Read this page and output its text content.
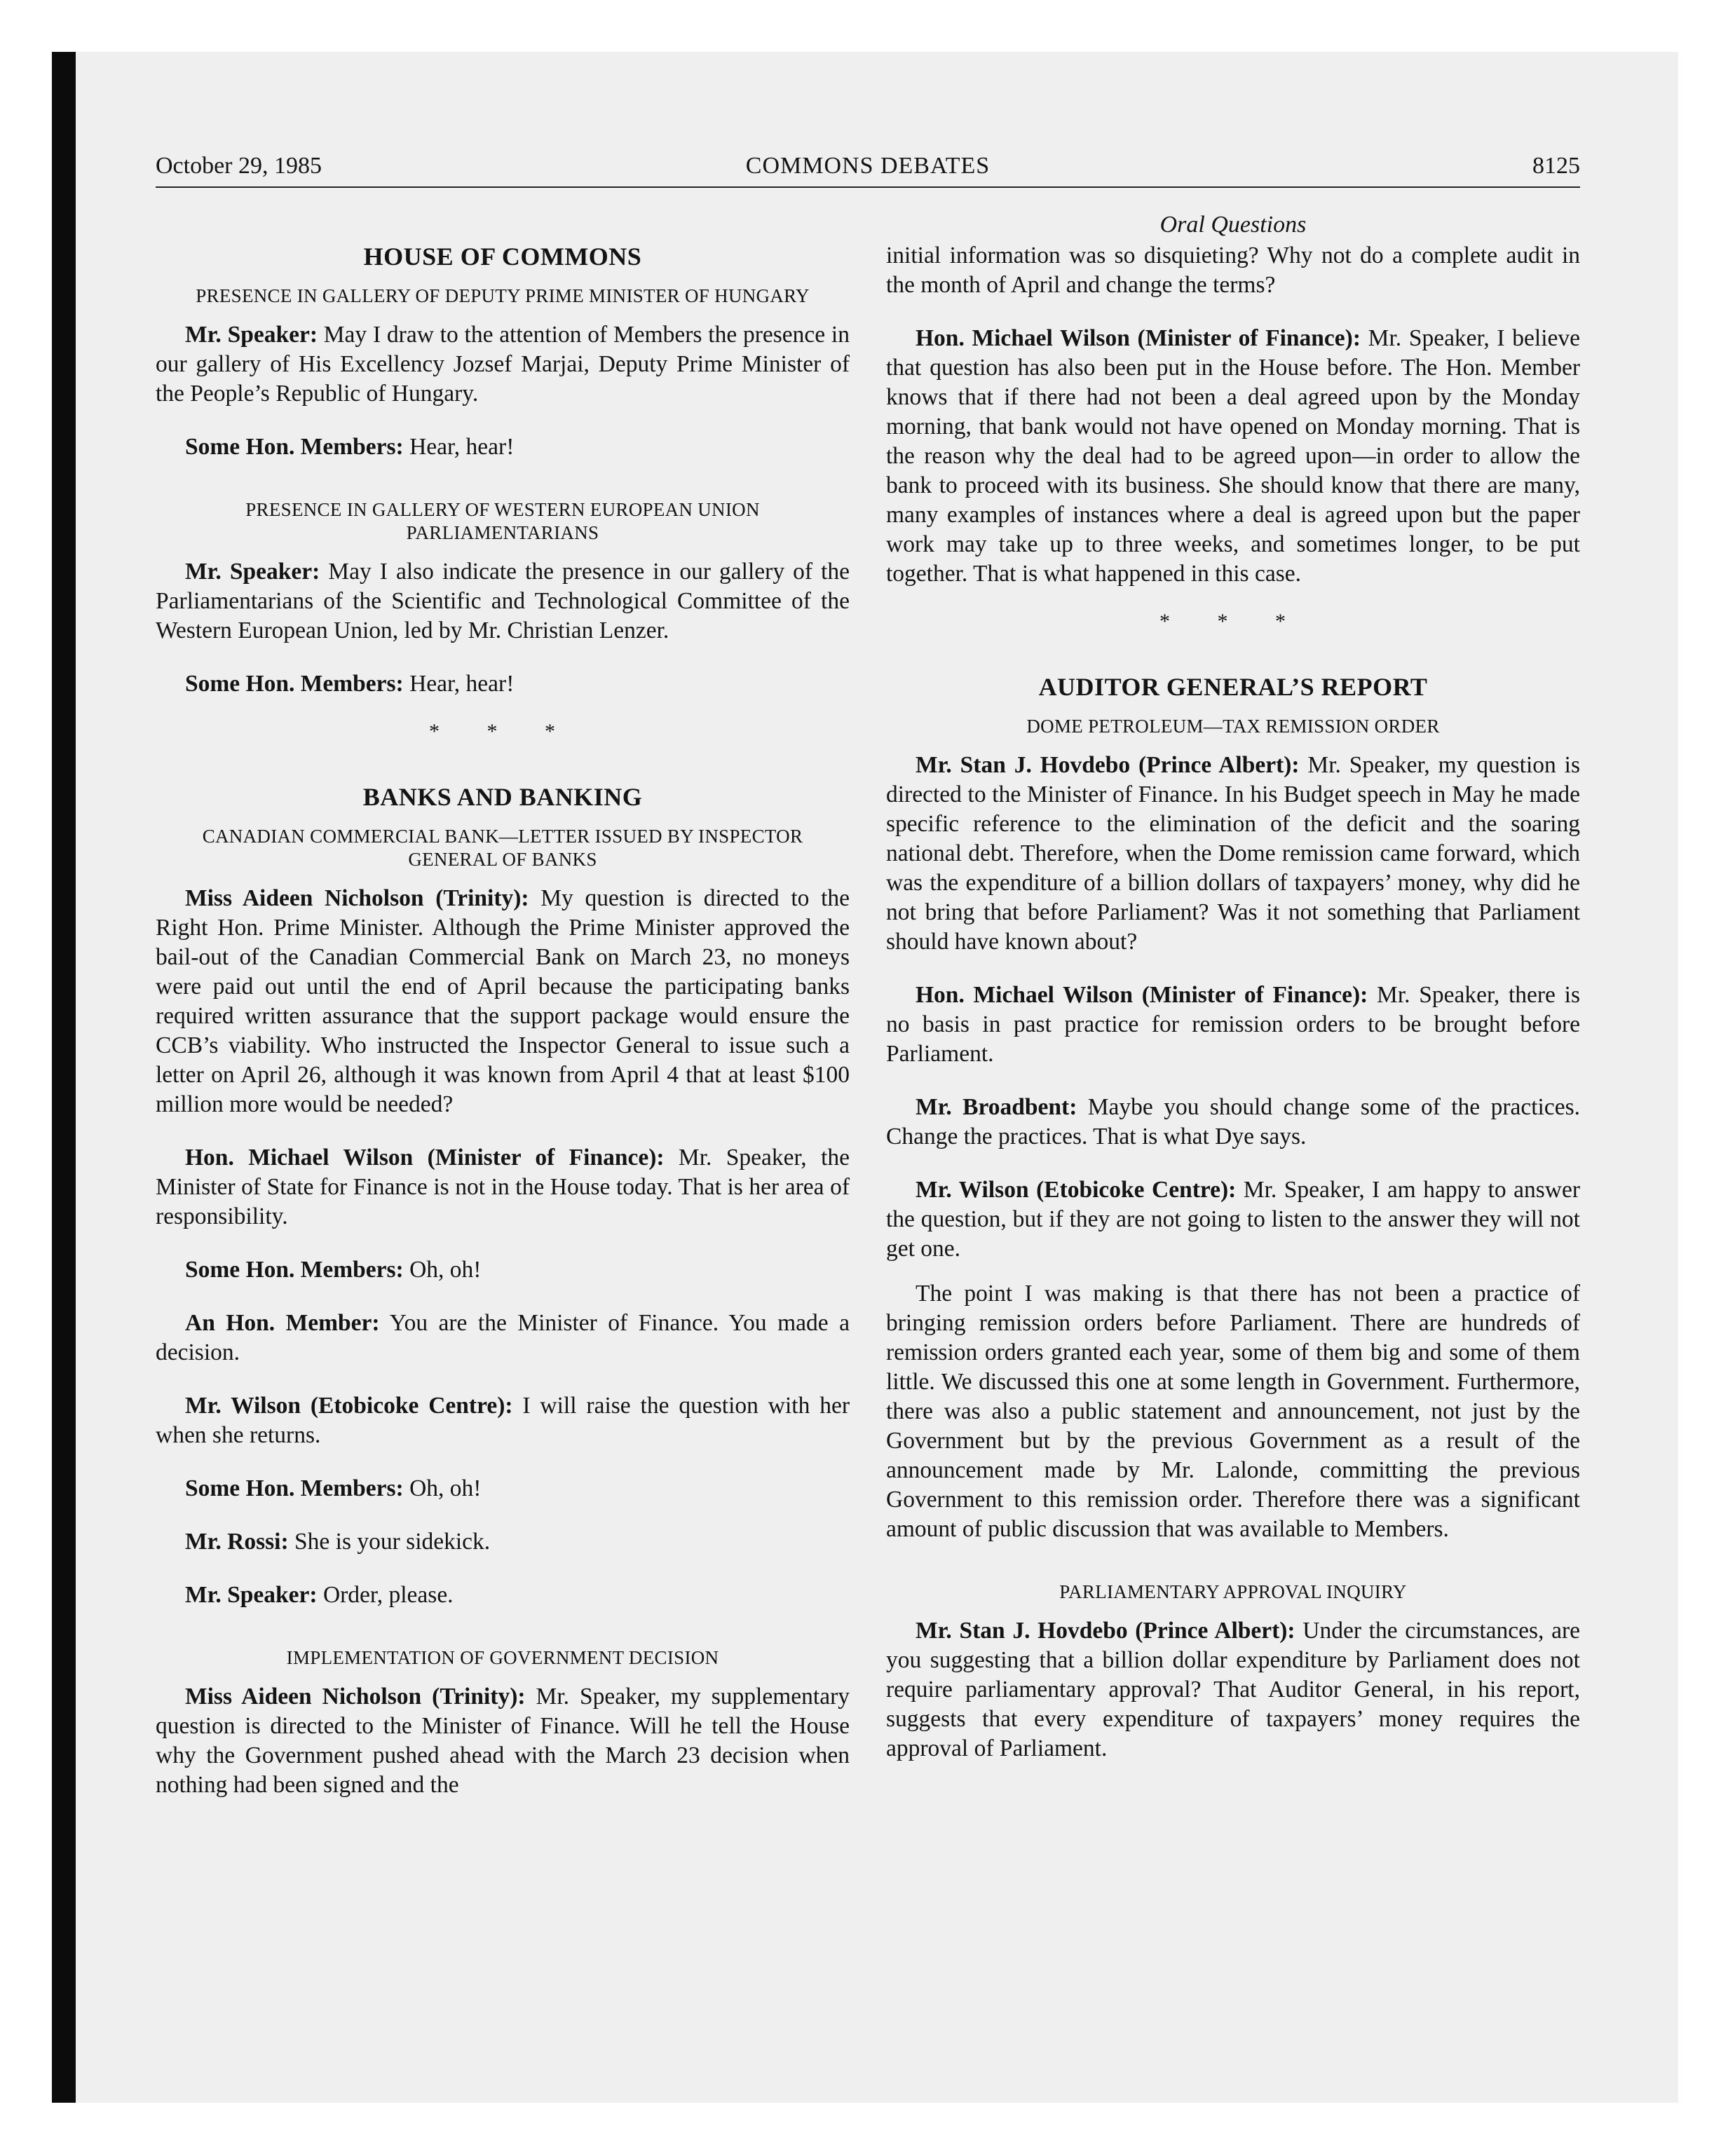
October 29, 1985	COMMONS DEBATES	8125
HOUSE OF COMMONS
PRESENCE IN GALLERY OF DEPUTY PRIME MINISTER OF HUNGARY

Mr. Speaker: May I draw to the attention of Members the presence in our gallery of His Excellency Jozsef Marjai, Deputy Prime Minister of the People’s Republic of Hungary.

Some Hon. Members: Hear, hear!

PRESENCE IN GALLERY OF WESTERN EUROPEAN UNION PARLIAMENTARIANS

Mr. Speaker: May I also indicate the presence in our gallery of the Parliamentarians of the Scientific and Technological Committee of the Western European Union, led by Mr. Christian Lenzer.

Some Hon. Members: Hear, hear!

* * *
BANKS AND BANKING
CANADIAN COMMERCIAL BANK—LETTER ISSUED BY INSPECTOR GENERAL OF BANKS

Miss Aideen Nicholson (Trinity): My question is directed to the Right Hon. Prime Minister. Although the Prime Minister approved the bail-out of the Canadian Commercial Bank on March 23, no moneys were paid out until the end of April because the participating banks required written assurance that the support package would ensure the CCB’s viability. Who instructed the Inspector General to issue such a letter on April 26, although it was known from April 4 that at least $100 million more would be needed?

Hon. Michael Wilson (Minister of Finance): Mr. Speaker, the Minister of State for Finance is not in the House today. That is her area of responsibility.

Some Hon. Members: Oh, oh!

An Hon. Member: You are the Minister of Finance. You made a decision.

Mr. Wilson (Etobicoke Centre): I will raise the question with her when she returns.

Some Hon. Members: Oh, oh!

Mr. Rossi: She is your sidekick.

Mr. Speaker: Order, please.

IMPLEMENTATION OF GOVERNMENT DECISION

Miss Aideen Nicholson (Trinity): Mr. Speaker, my supplementary question is directed to the Minister of Finance. Will he tell the House why the Government pushed ahead with the March 23 decision when nothing had been signed and the

Oral Questions

initial information was so disquieting? Why not do a complete audit in the month of April and change the terms?

Hon. Michael Wilson (Minister of Finance): Mr. Speaker, I believe that question has also been put in the House before. The Hon. Member knows that if there had not been a deal agreed upon by the Monday morning, that bank would not have opened on Monday morning. That is the reason why the deal had to be agreed upon—in order to allow the bank to proceed with its business. She should know that there are many, many examples of instances where a deal is agreed upon but the paper work may take up to three weeks, and sometimes longer, to be put together. That is what happened in this case.

* * *
AUDITOR GENERAL’S REPORT
DOME PETROLEUM—TAX REMISSION ORDER

Mr. Stan J. Hovdebo (Prince Albert): Mr. Speaker, my question is directed to the Minister of Finance. In his Budget speech in May he made specific reference to the elimination of the deficit and the soaring national debt. Therefore, when the Dome remission came forward, which was the expenditure of a billion dollars of taxpayers’ money, why did he not bring that before Parliament? Was it not something that Parliament should have known about?

Hon. Michael Wilson (Minister of Finance): Mr. Speaker, there is no basis in past practice for remission orders to be brought before Parliament.

Mr. Broadbent: Maybe you should change some of the practices. Change the practices. That is what Dye says.

Mr. Wilson (Etobicoke Centre): Mr. Speaker, I am happy to answer the question, but if they are not going to listen to the answer they will not get one.

The point I was making is that there has not been a practice of bringing remission orders before Parliament. There are hundreds of remission orders granted each year, some of them big and some of them little. We discussed this one at some length in Government. Furthermore, there was also a public statement and announcement, not just by the Government but by the previous Government as a result of the announcement made by Mr. Lalonde, committing the previous Government to this remission order. Therefore there was a significant amount of public discussion that was available to Members.

PARLIAMENTARY APPROVAL INQUIRY

Mr. Stan J. Hovdebo (Prince Albert): Under the circumstances, are you suggesting that a billion dollar expenditure by Parliament does not require parliamentary approval? That Auditor General, in his report, suggests that every expenditure of taxpayers’ money requires the approval of Parliament.
